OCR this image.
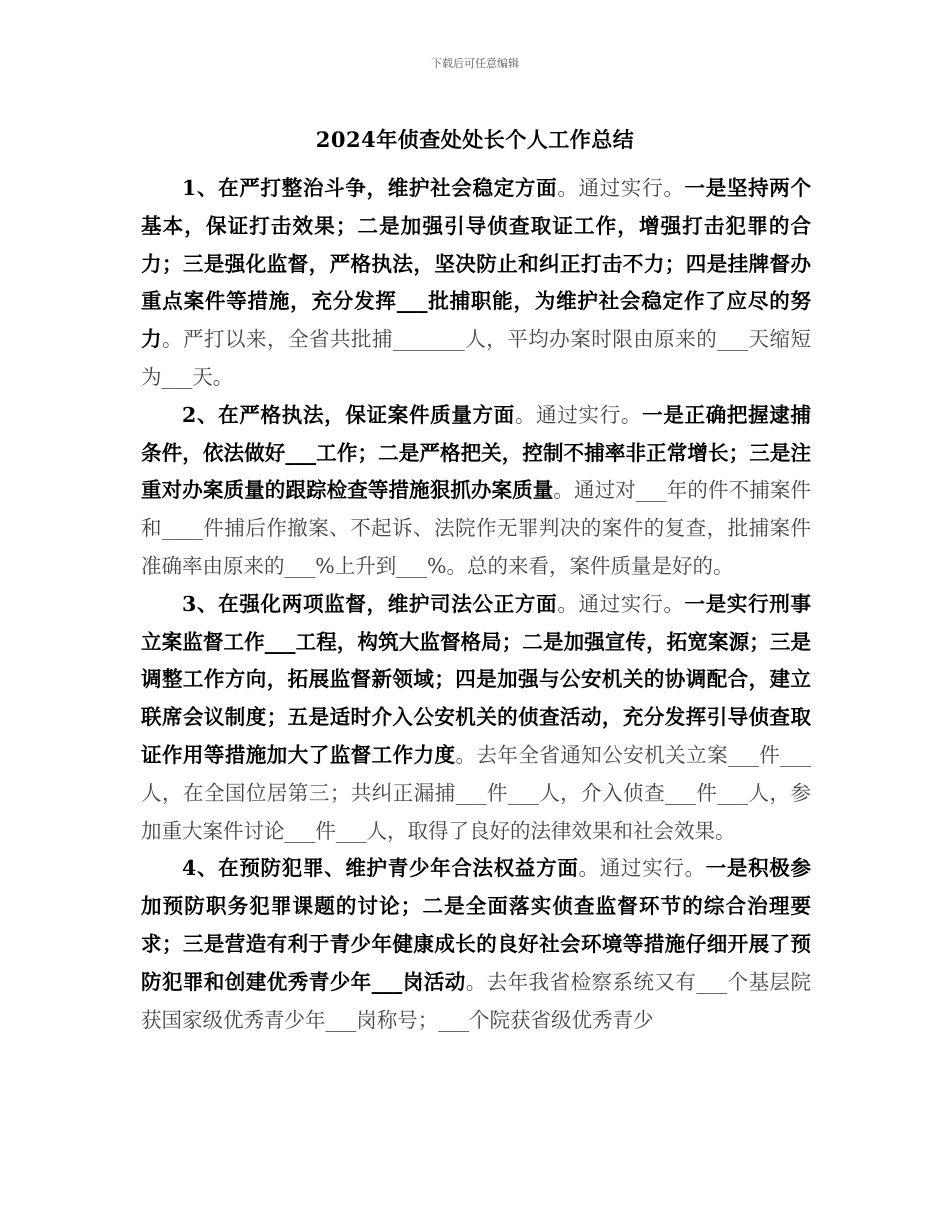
下载后可任意编辑
2024年侦查处处长个人工作总结

1、在严打整治斗争，维护社会稳定方面。通过实行。一是坚持两个基本，保证打击效果；二是加强引导侦查取证工作，增强打击犯罪的合力；三是强化监督，严格执法，坚决防止和纠正打击不力；四是挂牌督办重点案件等措施，充分发挥___批捕职能，为维护社会稳定作了应尽的努力。严打以来，全省共批捕_______人，平均办案时限由原来的___天缩短为___天。

2、在严格执法，保证案件质量方面。通过实行。一是正确把握逮捕条件，依法做好___工作；二是严格把关，控制不捕率非正常增长；三是注重对办案质量的跟踪检查等措施狠抓办案质量。通过对___年的件不捕案件和____件捕后作撤案、不起诉、法院作无罪判决的案件的复查，批捕案件准确率由原来的___%上升到___%。总的来看，案件质量是好的。

3、在强化两项监督，维护司法公正方面。通过实行。一是实行刑事立案监督工作___工程，构筑大监督格局；二是加强宣传，拓宽案源；三是调整工作方向，拓展监督新领域；四是加强与公安机关的协调配合，建立联席会议制度；五是适时介入公安机关的侦查活动，充分发挥引导侦查取证作用等措施加大了监督工作力度。去年全省通知公安机关立案___件___人，在全国位居第三；共纠正漏捕___件___人，介入侦查___件___人，参加重大案件讨论___件___人，取得了良好的法律效果和社会效果。

4、在预防犯罪、维护青少年合法权益方面。通过实行。一是积极参加预防职务犯罪课题的讨论；二是全面落实侦查监督环节的综合治理要求；三是营造有利于青少年健康成长的良好社会环境等措施仔细开展了预防犯罪和创建优秀青少年___岗活动。去年我省检察系统又有___个基层院获国家级优秀青少年___岗称号；___个院获省级优秀青少
